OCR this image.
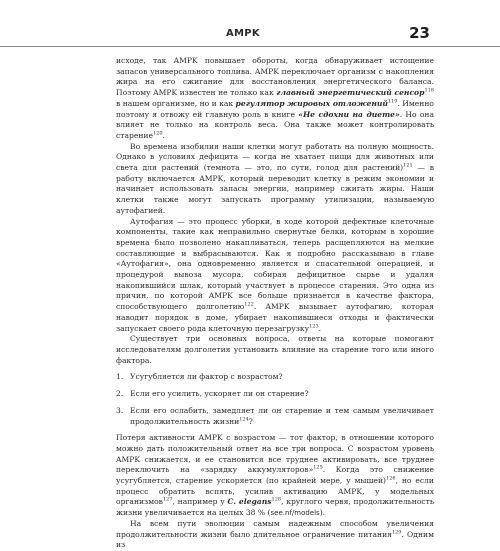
AMPK	23

исходе, так AMPK повышает обороты, когда обнаруживает истощение запасов универсального топлива. AMPK переключает организм с накопления жира на его сжигание для восстановления энергетического баланса. Поэтому AMPK известен не только как главный энергетический сенсор$^{118}$ в нашем организме, но и как регулятор жировых отложений$^{119}$. Именно поэтому я отвожу ей главную роль в книге «Не сдохни на диете». Но она влияет не только на контроль веса. Она также может контролировать старение$^{120}$.

Во времена изобилия наши клетки могут работать на полную мощность. Однако в условиях дефицита — когда не хватает пищи для животных или света для растений (темнота — это, по сути, голод для растений)$^{121}$ — в работу включается AMPK, который переводит клетку в режим экономии и начинает использовать запасы энергии, например сжигать жиры. Наши клетки также могут запускать программу утилизации, называемую аутофагией.

Аутофагия — это процесс уборки, в ходе которой дефектные клеточные компоненты, такие как неправильно свернутые белки, которым в хорошие времена было позволено накапливаться, теперь расщепляются на мелкие составляющие и выбрасываются. Как я подробно рассказываю в главе «Аутофагия», она одновременно является и спасательной операцией, и процедурой вывоза мусора, собирая дефицитное сырье и удаляя накопившийся шлак, который участвует в процессе старения. Это одна из причин, по которой AMPK все больше признается в качестве фактора, способствующего долголетию$^{122}$. AMPK вызывает аутофагию, которая наводит порядок в доме, убирает накопившиеся отходы и фактически запускает своего рода клеточную перезагрузку$^{123}$.

Существует три основных вопроса, ответы на которые помогают исследователям долголетия установить влияние на старение того или иного фактора.

1. Усугубляется ли фактор с возрастом?
2. Если его усилить, ускоряет ли он старение?
3. Если его ослабить, замедляет ли он старение и тем самым увеличивает продолжительность жизни$^{124}$?

Потеря активности AMPK с возрастом — тот фактор, в отношении которого можно дать положительный ответ на все три вопроса. С возрастом уровень AMPK снижается, и ее становится все труднее активировать, все труднее переключить на «зарядку аккумуляторов»$^{125}$. Когда это снижение усугубляется, старение ускоряется (по крайней мере, у мышей)$^{126}$, но если процесс обратить вспять, усилив активацию AMPK, у модельных организмов$^{127}$, например у C. elegans$^{128}$, круглого червя, продолжительность жизни увеличивается на целых 38 % (see.nf/models).

На всем пути эволюции самым надежным способом увеличения продолжительности жизни было длительное ограничение питания$^{129}$. Одним из
